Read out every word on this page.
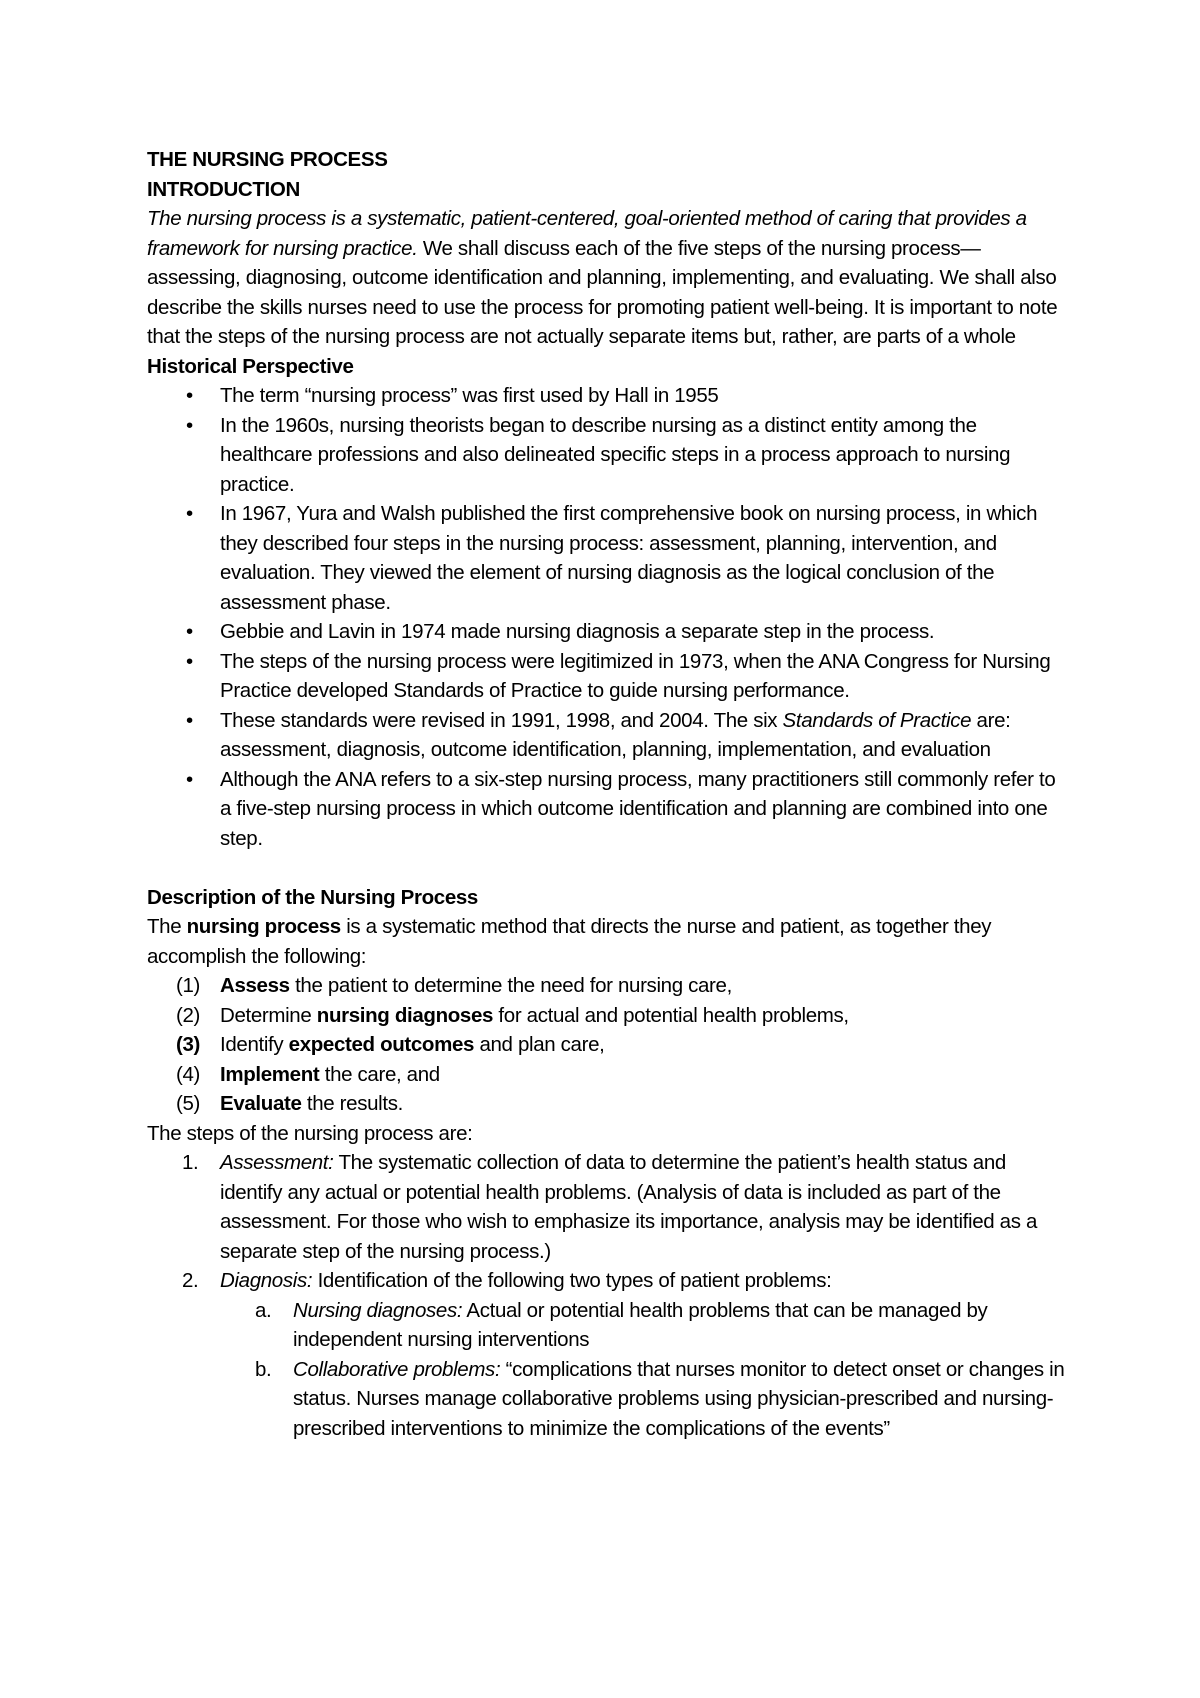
THE NURSING PROCESS

INTRODUCTION

The nursing process is a systematic, patient-centered, goal-oriented method of caring that provides a framework for nursing practice. We shall discuss each of the five steps of the nursing process—assessing, diagnosing, outcome identification and planning, implementing, and evaluating. We shall also describe the skills nurses need to use the process for promoting patient well-being. It is important to note that the steps of the nursing process are not actually separate items but, rather, are parts of a whole

Historical Perspective

• The term “nursing process” was first used by Hall in 1955
• In the 1960s, nursing theorists began to describe nursing as a distinct entity among the healthcare professions and also delineated specific steps in a process approach to nursing practice.
• In 1967, Yura and Walsh published the first comprehensive book on nursing process, in which they described four steps in the nursing process: assessment, planning, intervention, and evaluation. They viewed the element of nursing diagnosis as the logical conclusion of the assessment phase.
• Gebbie and Lavin in 1974 made nursing diagnosis a separate step in the process.
• The steps of the nursing process were legitimized in 1973, when the ANA Congress for Nursing Practice developed Standards of Practice to guide nursing performance.
• These standards were revised in 1991, 1998, and 2004. The six Standards of Practice are: assessment, diagnosis, outcome identification, planning, implementation, and evaluation
• Although the ANA refers to a six-step nursing process, many practitioners still commonly refer to a five-step nursing process in which outcome identification and planning are combined into one step.

Description of the Nursing Process

The nursing process is a systematic method that directs the nurse and patient, as together they accomplish the following:

(1) Assess the patient to determine the need for nursing care,
(2) Determine nursing diagnoses for actual and potential health problems,
(3) Identify expected outcomes and plan care,
(4) Implement the care, and
(5) Evaluate the results.

The steps of the nursing process are:

1. Assessment: The systematic collection of data to determine the patient’s health status and identify any actual or potential health problems. (Analysis of data is included as part of the assessment. For those who wish to emphasize its importance, analysis may be identified as a separate step of the nursing process.)
2. Diagnosis: Identification of the following two types of patient problems:
a. Nursing diagnoses: Actual or potential health problems that can be managed by independent nursing interventions
b. Collaborative problems: “complications that nurses monitor to detect onset or changes in status. Nurses manage collaborative problems using physician-prescribed and nursing-prescribed interventions to minimize the complications of the events”
